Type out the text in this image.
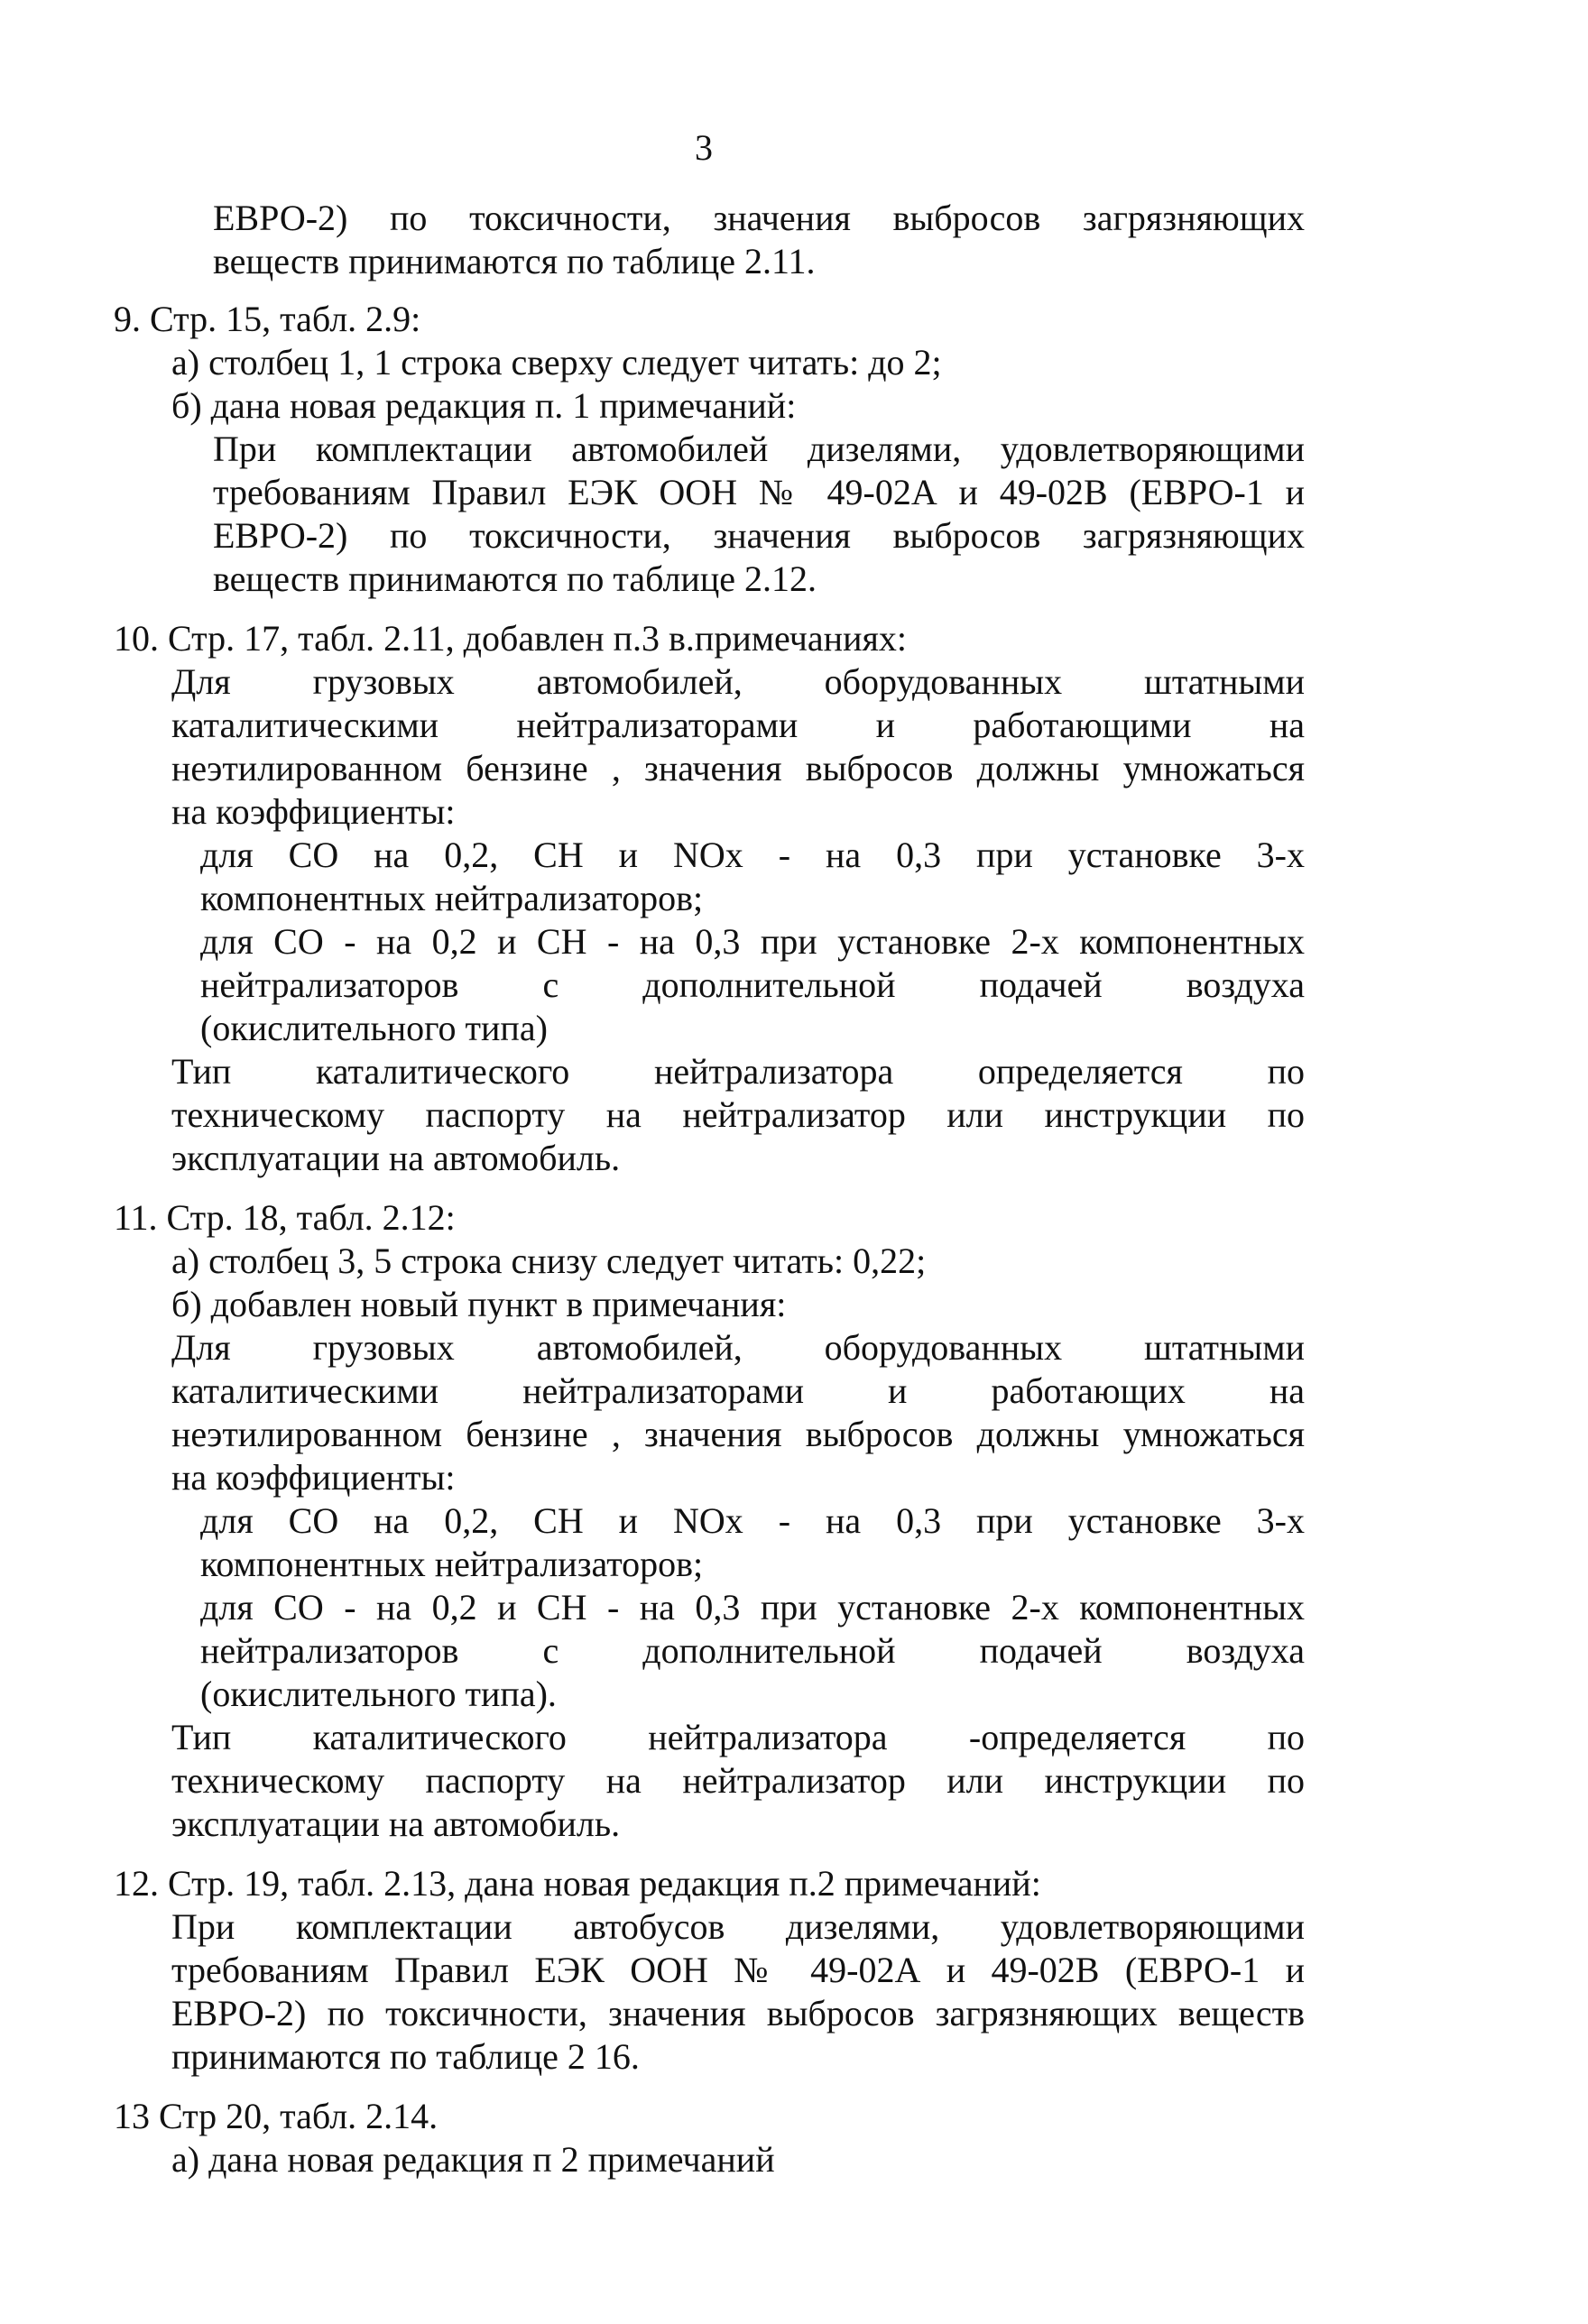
3

ЕВРО-2) по токсичности, значения выбросов загрязняющих

веществ принимаются по таблице 2.11.

9. Стр. 15, табл. 2.9:

а) столбец 1, 1 строка сверху следует читать: до 2;

б) дана новая редакция п. 1 примечаний:

При комплектации автомобилей дизелями, удовлетворяющими

требованиям Правил ЕЭК ООН № 49-02А и 49-02В (ЕВРО-1 и

ЕВРО-2) по токсичности, значения выбросов загрязняющих

веществ принимаются по таблице 2.12.

10. Стр. 17, табл. 2.11, добавлен п.3 в.примечаниях:

Для грузовых автомобилей, оборудованных штатными

каталитическими нейтрализаторами и работающими на

неэтилированном бензине , значения выбросов должны умножаться

на коэффициенты:

для СО на 0,2, СН и NOх - на 0,3 при установке 3-х

компонентных нейтрализаторов;

для СО - на 0,2 и СН - на 0,3 при установке 2-х компонентных

нейтрализаторов с дополнительной подачей воздуха

(окислительного типа)

Тип каталитического нейтрализатора определяется по

техническому паспорту на нейтрализатор или инструкции по

эксплуатации на автомобиль.

11. Стр. 18, табл. 2.12:

а) столбец 3, 5 строка снизу следует читать: 0,22;

б) добавлен новый пункт в примечания:

Для грузовых автомобилей, оборудованных штатными

каталитическими нейтрализаторами и работающих на

неэтилированном бензине , значения выбросов должны умножаться

на коэффициенты:

для СО на 0,2, СН и NOх - на 0,3 при установке 3-х

компонентных нейтрализаторов;

для СО - на 0,2 и СН - на 0,3 при установке 2-х компонентных

нейтрализаторов с дополнительной подачей воздуха

(окислительного типа).

Тип каталитического нейтрализатора -определяется по

техническому паспорту на нейтрализатор или инструкции по

эксплуатации на автомобиль.

12. Стр. 19, табл. 2.13, дана новая редакция п.2 примечаний:

При комплектации автобусов дизелями, удовлетворяющими

требованиям Правил ЕЭК ООН № 49-02А и 49-02В (ЕВРО-1 и

ЕВРО-2) по токсичности, значения выбросов загрязняющих веществ

принимаются по таблице 2 16.

13 Стр 20, табл. 2.14.

а) дана новая редакция п 2 примечаний
